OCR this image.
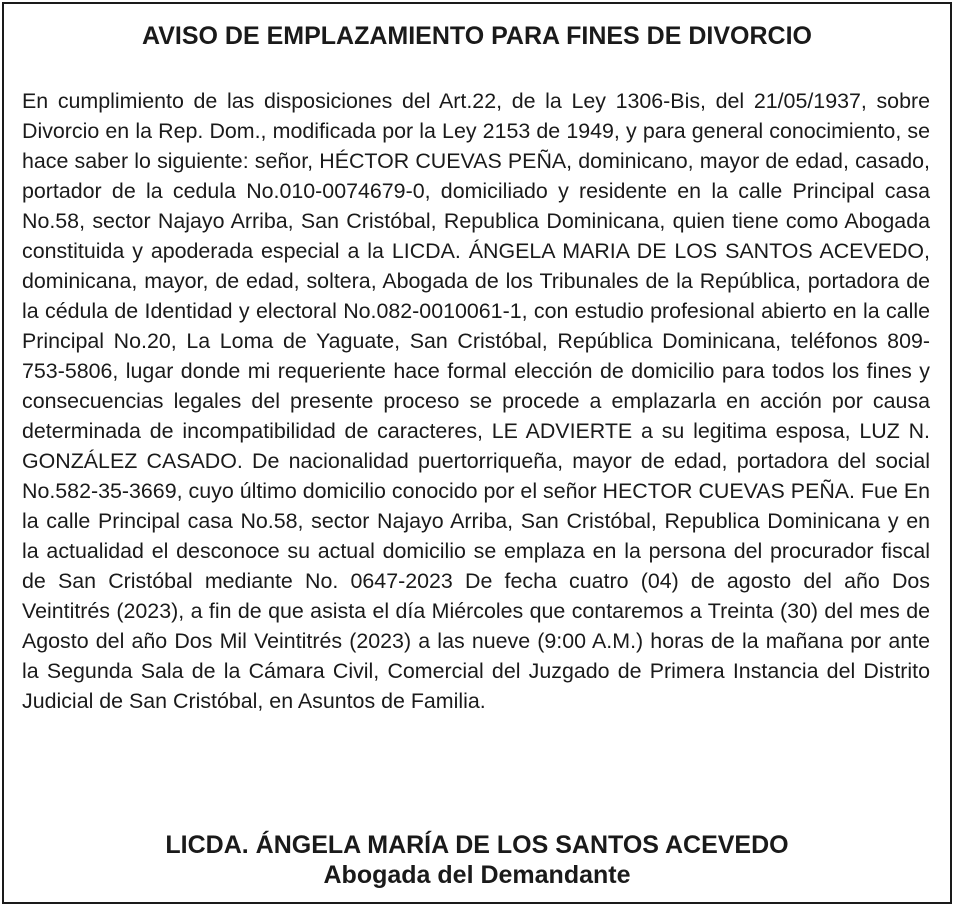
AVISO DE EMPLAZAMIENTO PARA FINES DE DIVORCIO

En cumplimiento de las disposiciones del Art.22, de la Ley 1306-Bis, del 21/05/1937, sobre Divorcio en la Rep. Dom., modificada por la Ley 2153 de 1949, y para general conocimiento, se hace saber lo siguiente: señor, HÉCTOR CUEVAS PEÑA, dominicano, mayor de edad, casado, portador de la cedula No.010-0074679-0, domiciliado y residente en la calle Principal casa No.58, sector Najayo Arriba, San Cristóbal, Republica Dominicana, quien tiene como Abogada constituida y apoderada especial a la LICDA. ÁNGELA MARIA DE LOS SANTOS ACEVEDO, dominicana, mayor, de edad, soltera, Abogada de los Tribunales de la República, portadora de la cédula de Identidad y electoral No.082-0010061-1, con estudio profesional abierto en la calle Principal No.20, La Loma de Yaguate, San Cristóbal, República Dominicana, teléfonos 809-753-5806, lugar donde mi requeriente hace formal elección de domicilio para todos los fines y consecuencias legales del presente proceso se procede a emplazarla en acción por causa determinada de incompatibilidad de caracteres, LE ADVIERTE a su legitima esposa, LUZ N. GONZÁLEZ CASADO. De nacionalidad puertorriqueña, mayor de edad, portadora del social No.582-35-3669, cuyo último domicilio conocido por el señor HECTOR CUEVAS PEÑA. Fue En la calle Principal casa No.58, sector Najayo Arriba, San Cristóbal, Republica Dominicana y en la actualidad el desconoce su actual domicilio se emplaza en la persona del procurador fiscal de San Cristóbal mediante No. 0647-2023 De fecha cuatro (04) de agosto del año Dos Veintitrés (2023), a fin de que asista el día Miércoles que contaremos a Treinta (30) del mes de Agosto del año Dos Mil Veintitrés (2023) a las nueve (9:00 A.M.) horas de la mañana por ante la Segunda Sala de la Cámara Civil, Comercial del Juzgado de Primera Instancia del Distrito Judicial de San Cristóbal, en Asuntos de Familia.

LICDA. ÁNGELA MARÍA DE LOS SANTOS ACEVEDO
Abogada del Demandante
